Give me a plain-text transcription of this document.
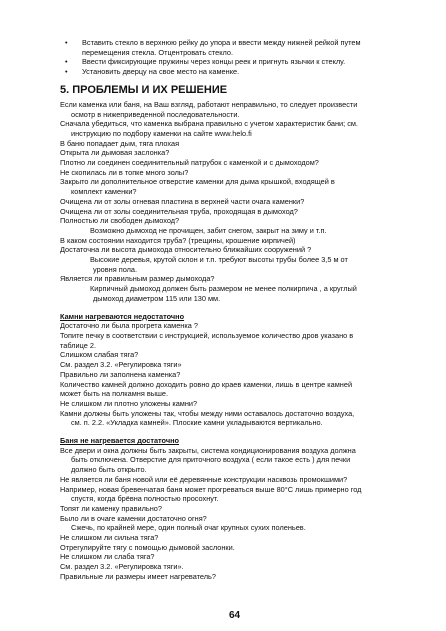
• Вставить стекло в верхнюю рейку до упора и ввести между нижней рейкой путем
перемещения стекла. Отцентровать стекло.
• Ввести фиксирующие пружины через концы реек и пригнуть язычки к стеклу.
• Установить дверцу на свое место на каменке.
5. ПРОБЛЕМЫ И ИХ РЕШЕНИЕ
Если каменка или баня, на Ваш взгляд, работают неправильно, то следует произвести
осмотр в нижеприведенной последовательности.
Сначала убедиться, что каменка выбрана правильно с учетом характеристик бани; см.
инструкцию по подбору каменки на сайте www.helo.fi
В баню попадает дым, тяга плохая
Открыта ли дымовая заслонка?
Плотно ли соединен соединительный патрубок с каменкой и с дымоходом?
Не скопилась ли в топке много золы?
Закрыто ли дополнительное отверстие каменки для дыма крышкой, входящей в
комплект каменки?
Очищена ли от золы огневая пластина в верхней части очага каменки?
Очищена ли от золы соединительная труба, проходящая в дымоход?
Полностью ли свободен дымоход?
Возможно дымоход не прочищен, забит снегом, закрыт на зиму и т.п.
В каком состоянии находится труба? (трещины, крошение кирпичей)
Достаточна ли высота дымохода относительно ближайших сооружений ?
Высокие деревья, крутой склон и т.п. требуют высоты трубы более 3,5 м от
уровня пола.
Является ли правильным размер дымохода?
Кирпичный дымоход должен быть размером не менее полкирпича , а круглый
дымоход диаметром 115 или 130 мм.
Камни нагреваются недостаточно
Достаточно ли была прогрета каменка ?
Топите печку в соответствии с инструкцией, используемое количество дров указано в
таблице 2.
Слишком слабая тяга?
См. раздел 3.2. «Регулировка тяги»
Правильно ли заполнена каменка?
Количество камней должно доходить ровно до краев каменки, лишь в центре камней
может быть на полкамня выше.
Не слишком ли плотно уложены камни?
Камни должны быть уложены так, чтобы между ними оставалось достаточно воздуха,
см. п. 2.2. «Укладка камней». Плоские камни укладываются вертикально.
Баня не нагревается достаточно
Все двери и окна должны быть закрыты, система кондиционирования воздуха должна
быть отключена. Отверстие для приточного воздуха ( если такое есть ) для печки
должно быть открыто.
Не является ли баня новой или её деревянные конструкции насквозь промокшими?
Например, новая бревенчатая баня может прогреваться выше 80°С лишь примерно год
спустя, когда брёвна полностью просохнут.
Топят ли каменку правильно?
Было ли в очаге каменки достаточно огня?
Сжечь, по крайней мере, один полный очаг крупных сухих поленьев.
Не слишком ли сильна тяга?
Отрегулируйте тягу с помощью дымовой заслонки.
Не слишком ли слаба тяга?
См. раздел 3.2. «Регулировка тяги».
Правильные ли размеры имеет нагреватель?
64
